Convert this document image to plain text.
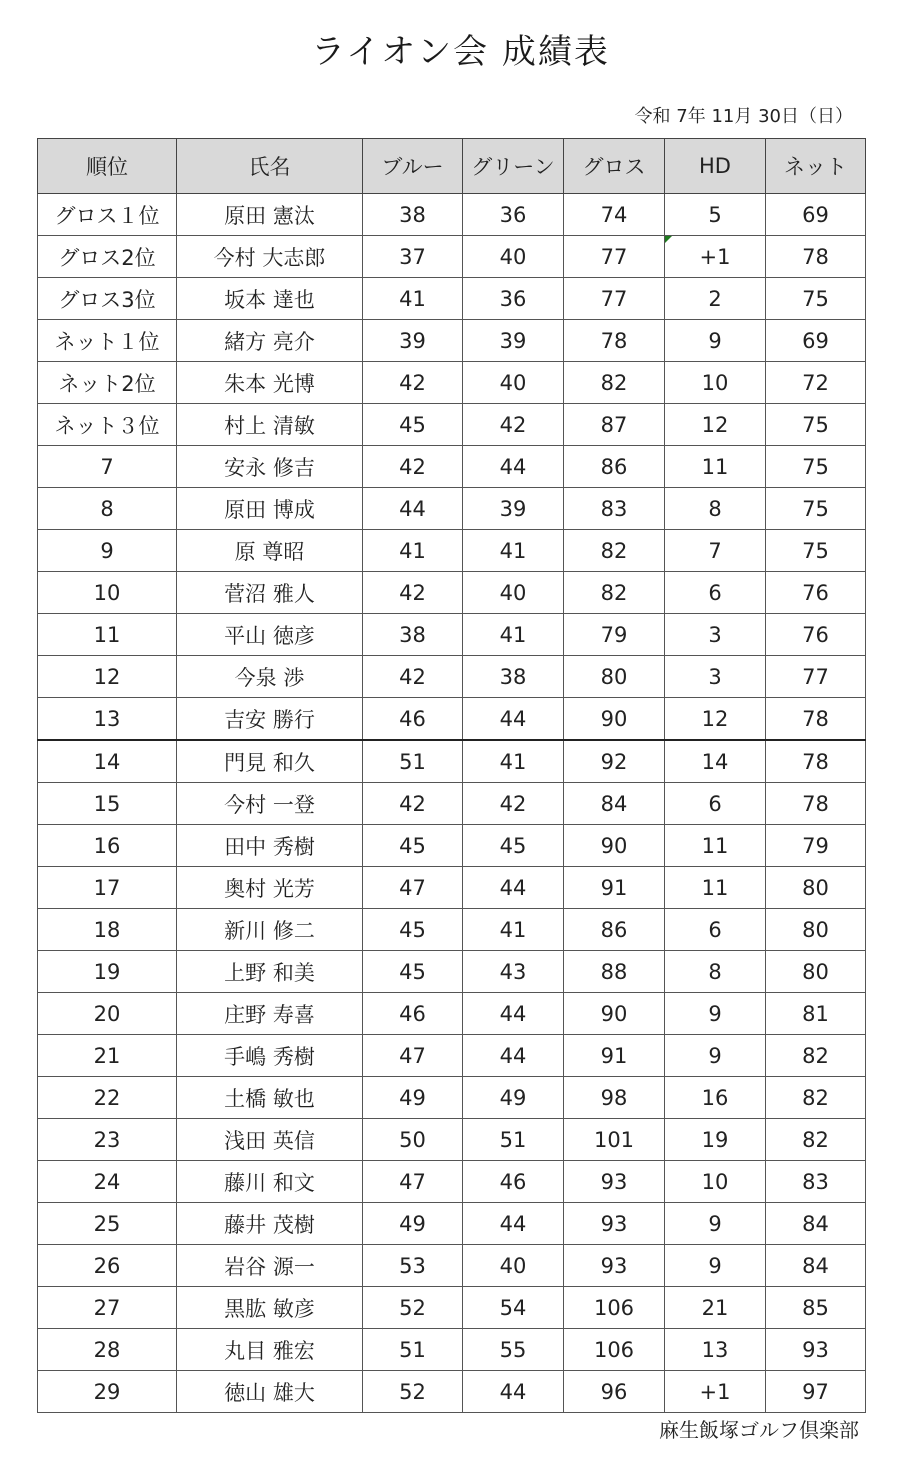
ライオン会 成績表
令和 7年 11月 30日（日）
順位	氏名	ブルー	グリーン	グロス	HD	ネット
グロス１位	原田 憲汰	38	36	74	5	69
グロス2位	今村 大志郎	37	40	77	+1	78
グロス3位	坂本 達也	41	36	77	2	75
ネット１位	緒方 亮介	39	39	78	9	69
ネット2位	朱本 光博	42	40	82	10	72
ネット３位	村上 清敏	45	42	87	12	75
7	安永 修吉	42	44	86	11	75
8	原田 博成	44	39	83	8	75
9	原 尊昭	41	41	82	7	75
10	菅沼 雅人	42	40	82	6	76
11	平山 徳彦	38	41	79	3	76
12	今泉 渉	42	38	80	3	77
13	吉安 勝行	46	44	90	12	78
14	門見 和久	51	41	92	14	78
15	今村 一登	42	42	84	6	78
16	田中 秀樹	45	45	90	11	79
17	奥村 光芳	47	44	91	11	80
18	新川 修二	45	41	86	6	80
19	上野 和美	45	43	88	8	80
20	庄野 寿喜	46	44	90	9	81
21	手嶋 秀樹	47	44	91	9	82
22	土橋 敏也	49	49	98	16	82
23	浅田 英信	50	51	101	19	82
24	藤川 和文	47	46	93	10	83
25	藤井 茂樹	49	44	93	9	84
26	岩谷 源一	53	40	93	9	84
27	黒肱 敏彦	52	54	106	21	85
28	丸目 雅宏	51	55	106	13	93
29	徳山 雄大	52	44	96	+1	97
麻生飯塚ゴルフ倶楽部
